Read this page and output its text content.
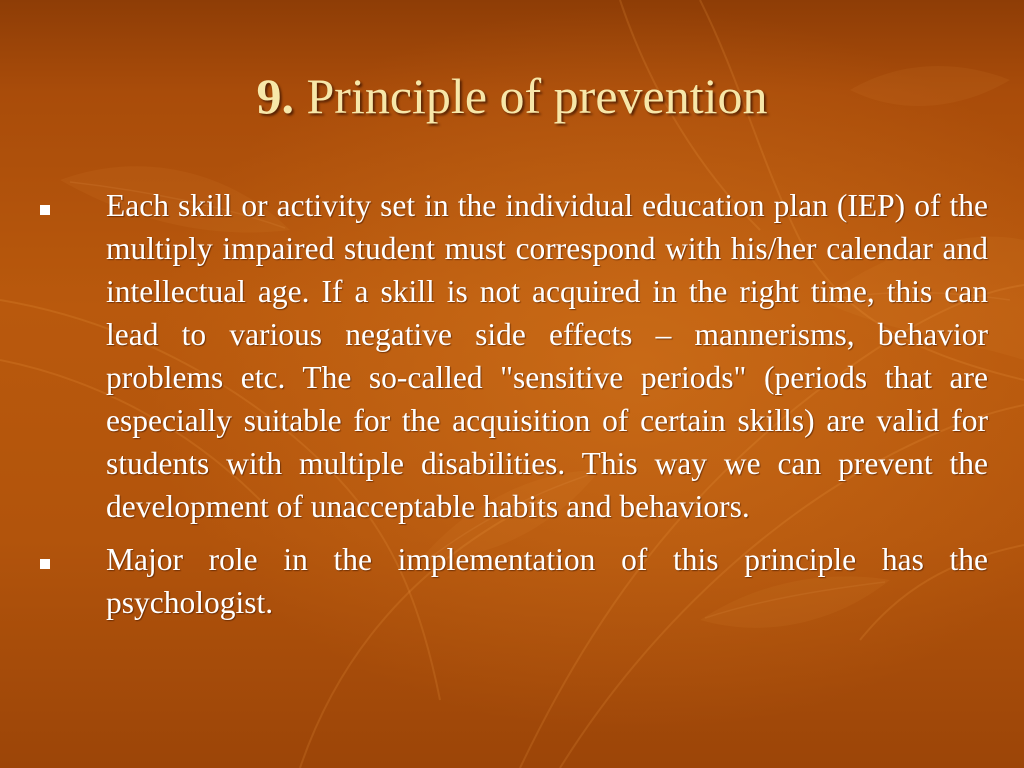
9. Principle of prevention
Each skill or activity set in the individual education plan (IEP) of the multiply impaired student must correspond with his/her calendar and intellectual age. If a skill is not acquired in the right time, this can lead to various negative side effects – mannerisms, behavior problems etc. The so-called "sensitive periods" (periods that are especially suitable for the acquisition of certain skills) are valid for students with multiple disabilities. This way we can prevent the development of unacceptable habits and behaviors.
Major role in the implementation of this principle has the psychologist.
